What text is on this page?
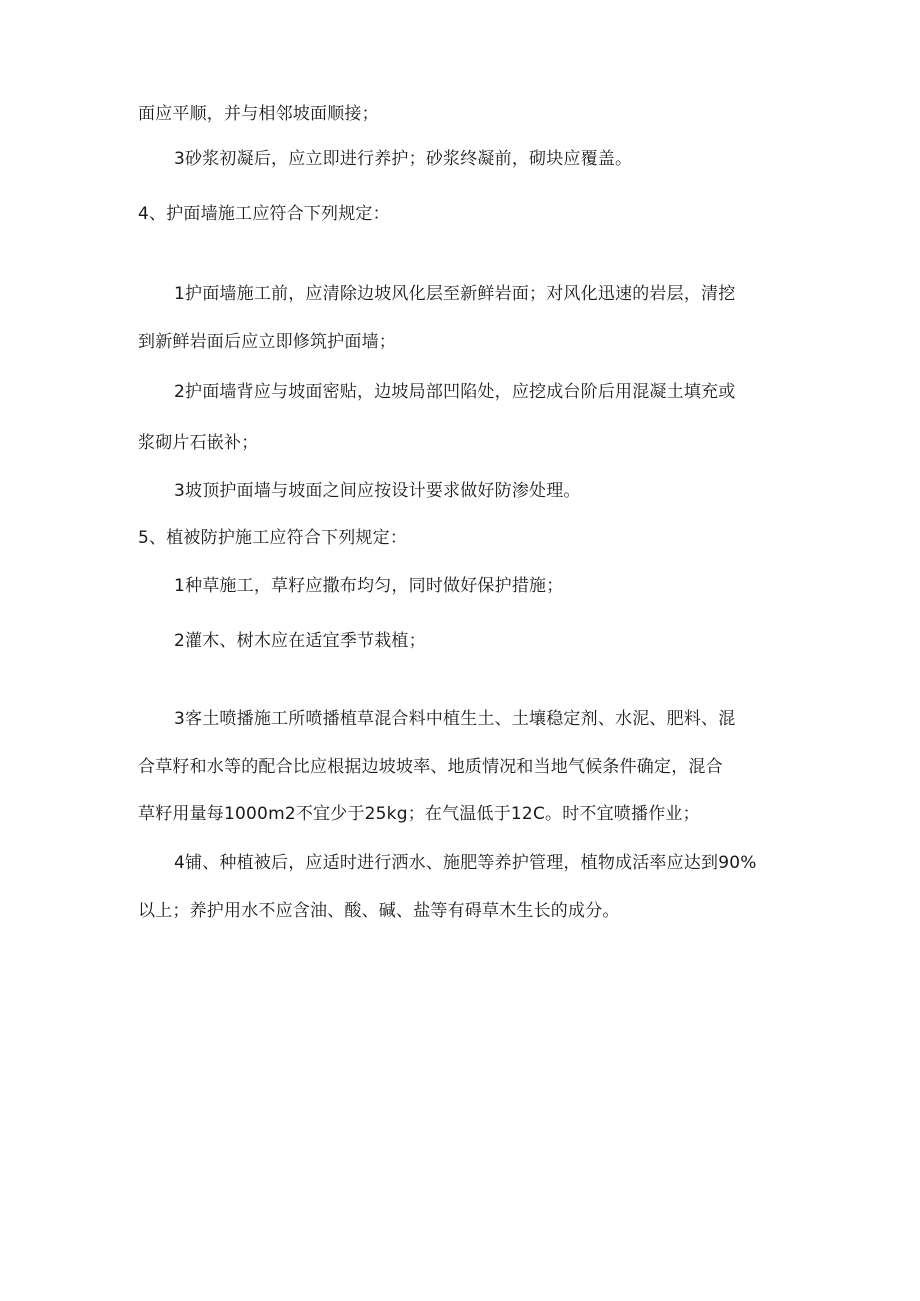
面应平顺，并与相邻坡面顺接；
3砂浆初凝后，应立即进行养护；砂浆终凝前，砌块应覆盖。
4、护面墙施工应符合下列规定：
1护面墙施工前，应清除边坡风化层至新鲜岩面；对风化迅速的岩层，清挖
到新鲜岩面后应立即修筑护面墙；
2护面墙背应与坡面密贴，边坡局部凹陷处，应挖成台阶后用混凝土填充或
浆砌片石嵌补；
3坡顶护面墙与坡面之间应按设计要求做好防渗处理。
5、植被防护施工应符合下列规定：
1种草施工，草籽应撒布均匀，同时做好保护措施；
2灌木、树木应在适宜季节栽植；
3客土喷播施工所喷播植草混合料中植生土、土壤稳定剂、水泥、肥料、混
合草籽和水等的配合比应根据边坡坡率、地质情况和当地气候条件确定，混合
草籽用量每1000m2不宜少于25kg；在气温低于12C。时不宜喷播作业；
4铺、种植被后，应适时进行洒水、施肥等养护管理，植物成活率应达到90%
以上；养护用水不应含油、酸、碱、盐等有碍草木生长的成分。
